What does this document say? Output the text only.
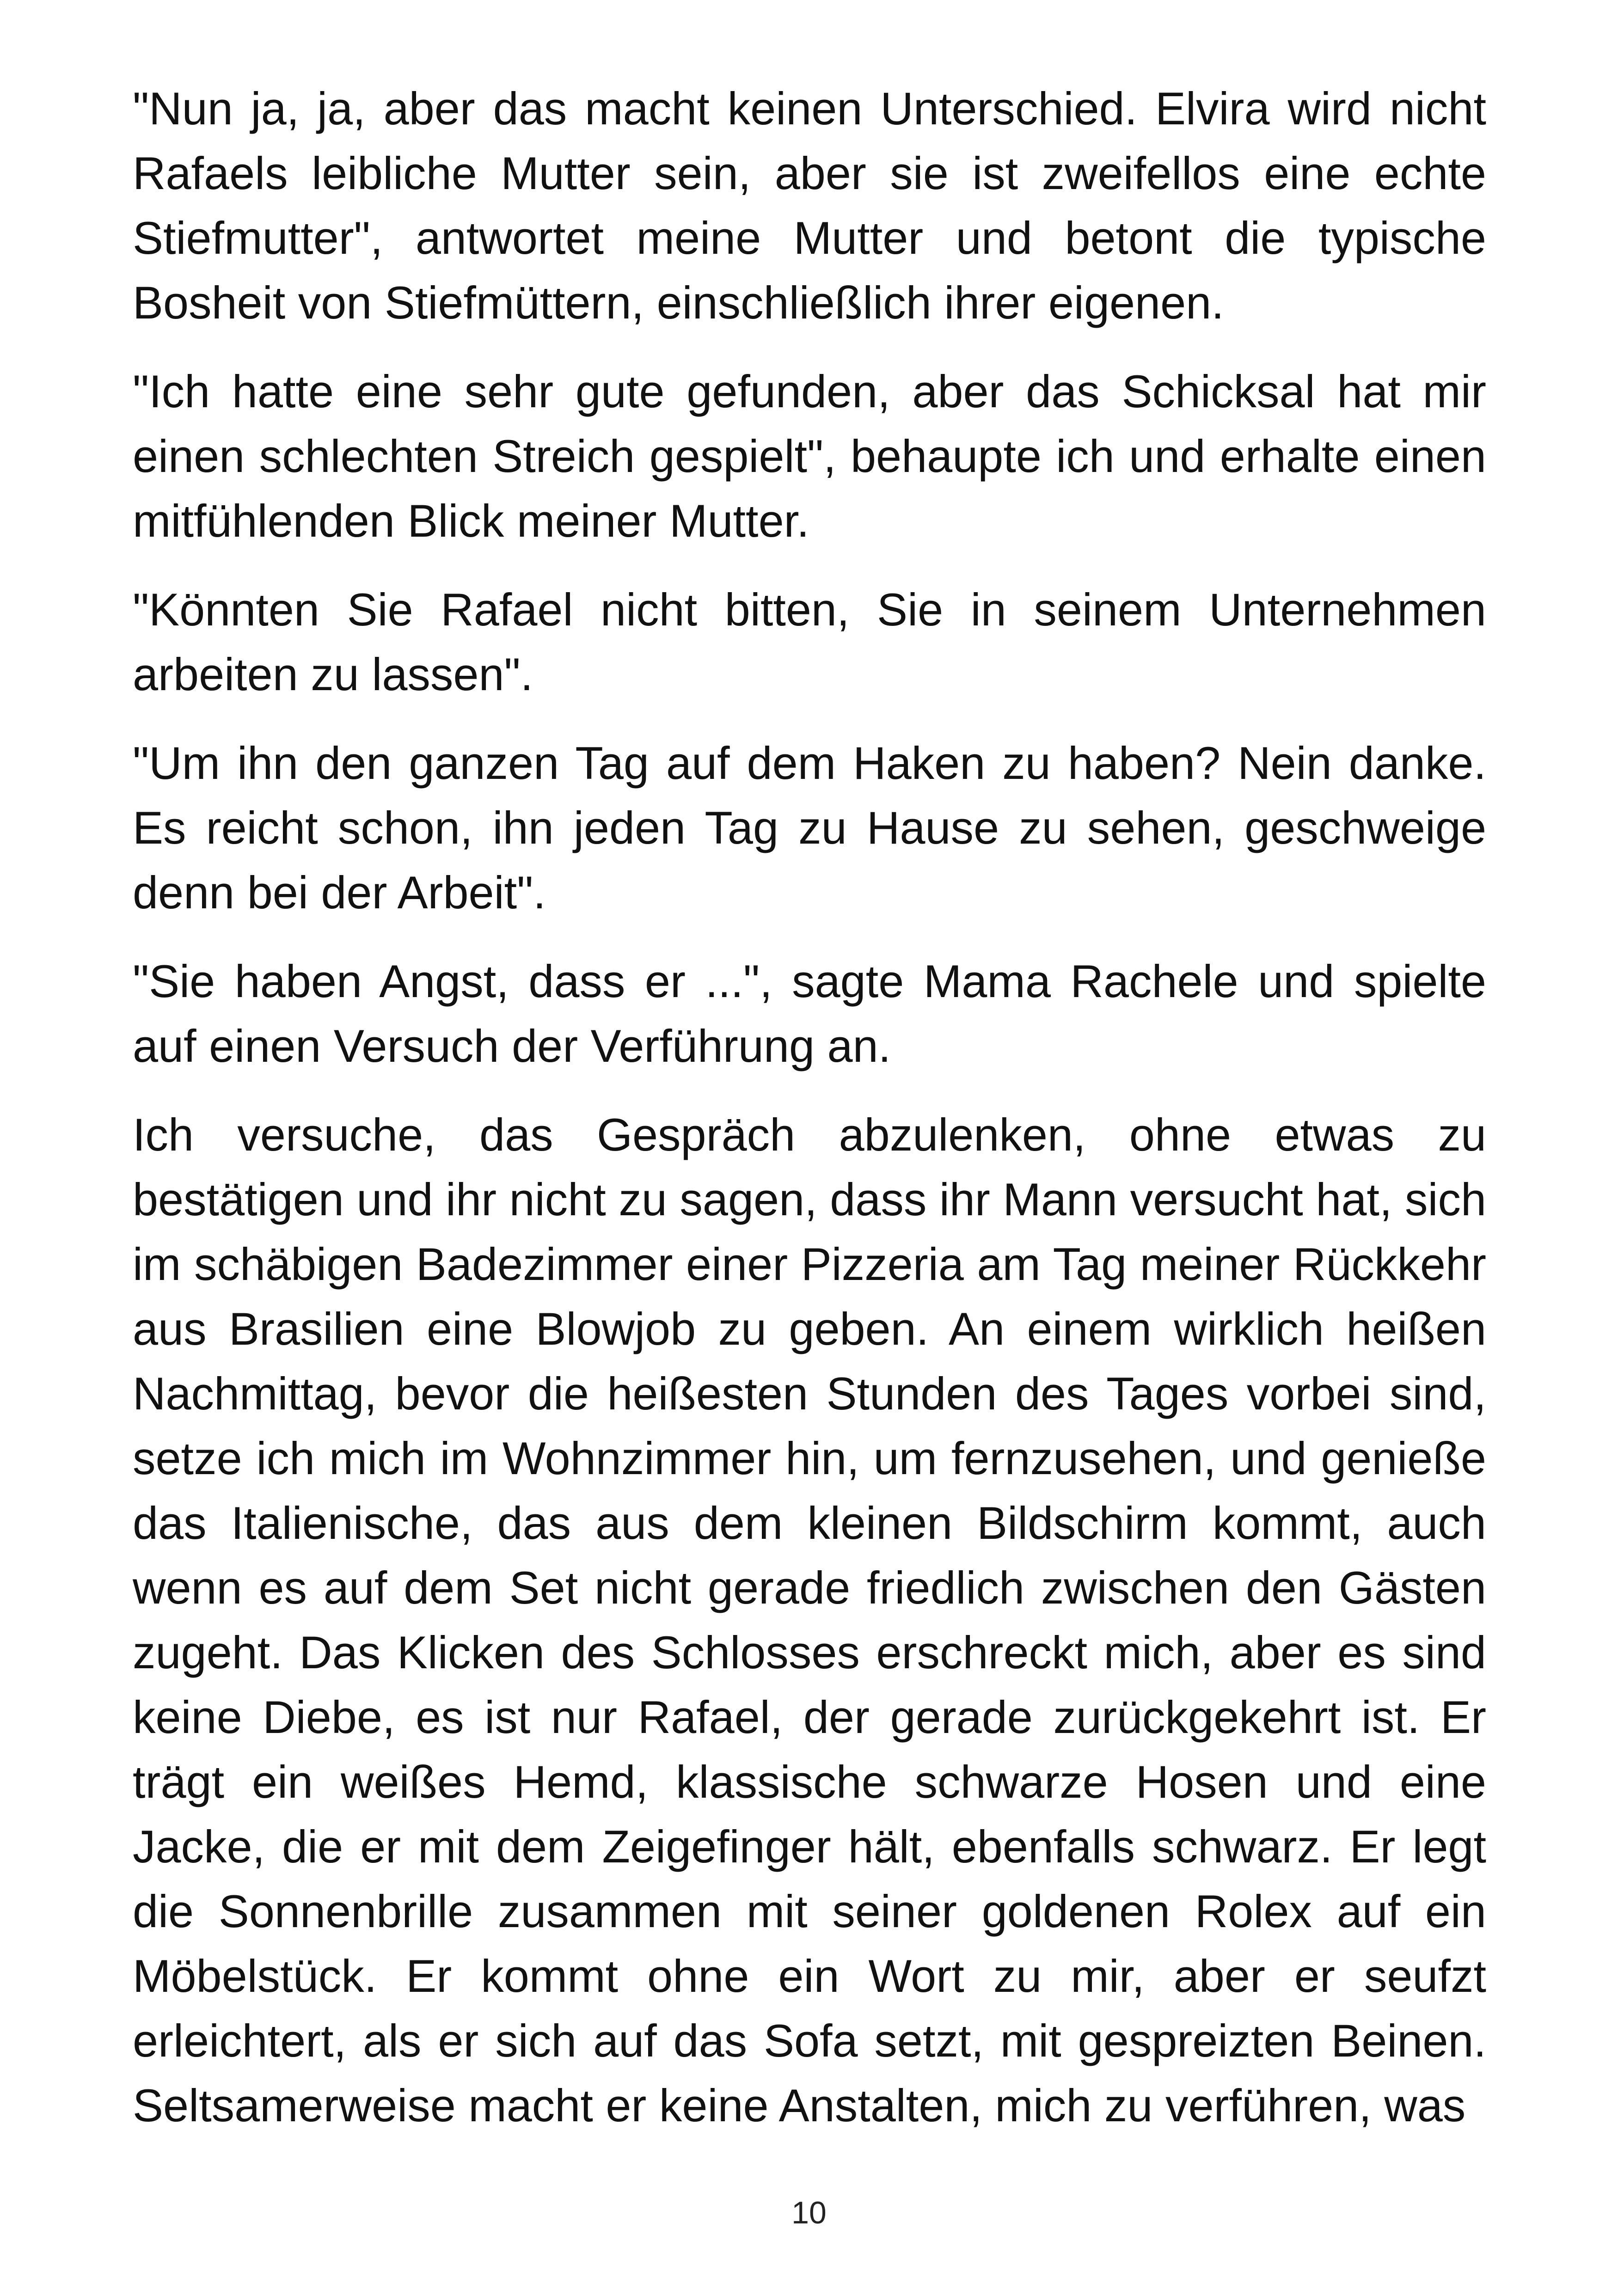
"Nun ja, ja, aber das macht keinen Unterschied. Elvira wird nicht Rafaels leibliche Mutter sein, aber sie ist zweifellos eine echte Stiefmutter", antwortet meine Mutter und betont die typische Bosheit von Stiefmüttern, einschließlich ihrer eigenen.

"Ich hatte eine sehr gute gefunden, aber das Schicksal hat mir einen schlechten Streich gespielt", behaupte ich und erhalte einen mitfühlenden Blick meiner Mutter.

"Könnten Sie Rafael nicht bitten, Sie in seinem Unternehmen arbeiten zu lassen".

"Um ihn den ganzen Tag auf dem Haken zu haben? Nein danke. Es reicht schon, ihn jeden Tag zu Hause zu sehen, geschweige denn bei der Arbeit".

"Sie haben Angst, dass er ...", sagte Mama Rachele und spielte auf einen Versuch der Verführung an.

Ich versuche, das Gespräch abzulenken, ohne etwas zu bestätigen und ihr nicht zu sagen, dass ihr Mann versucht hat, sich im schäbigen Badezimmer einer Pizzeria am Tag meiner Rückkehr aus Brasilien eine Blowjob zu geben. An einem wirklich heißen Nachmittag, bevor die heißesten Stunden des Tages vorbei sind, setze ich mich im Wohnzimmer hin, um fernzusehen, und genieße das Italienische, das aus dem kleinen Bildschirm kommt, auch wenn es auf dem Set nicht gerade friedlich zwischen den Gästen zugeht. Das Klicken des Schlosses erschreckt mich, aber es sind keine Diebe, es ist nur Rafael, der gerade zurückgekehrt ist. Er trägt ein weißes Hemd, klassische schwarze Hosen und eine Jacke, die er mit dem Zeigefinger hält, ebenfalls schwarz. Er legt die Sonnenbrille zusammen mit seiner goldenen Rolex auf ein Möbelstück. Er kommt ohne ein Wort zu mir, aber er seufzt erleichtert, als er sich auf das Sofa setzt, mit gespreizten Beinen. Seltsamerweise macht er keine Anstalten, mich zu verführen, was

10
